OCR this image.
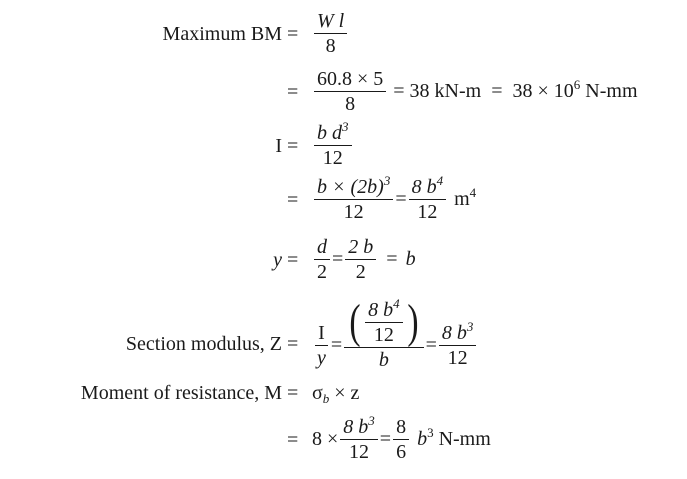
Maximum BM = $\frac{\text{W l}}{8}$
= $\frac{60.8 \times 5}{8} = 38$ $kN-m = 38 \times 10^6$ N-mm
$I = \frac{b d^3}{12}$
= $\frac{b \times (2b)^3}{12} = \frac{8 b^4}{12} m^4$
$y = \frac{d}{2} = \frac{2 b}{2} = b$
Section modulus, $Z = \frac{I}{y}$ = ( $\frac{8 b^4}{12}$ )
b
= $\frac{8 b^3}{12}$
Moment of resistance, $M = \sigma_b \times z$
= $8 \times \frac{8 b^3}{12} = \frac{8}{6} b^3$ N-mm
